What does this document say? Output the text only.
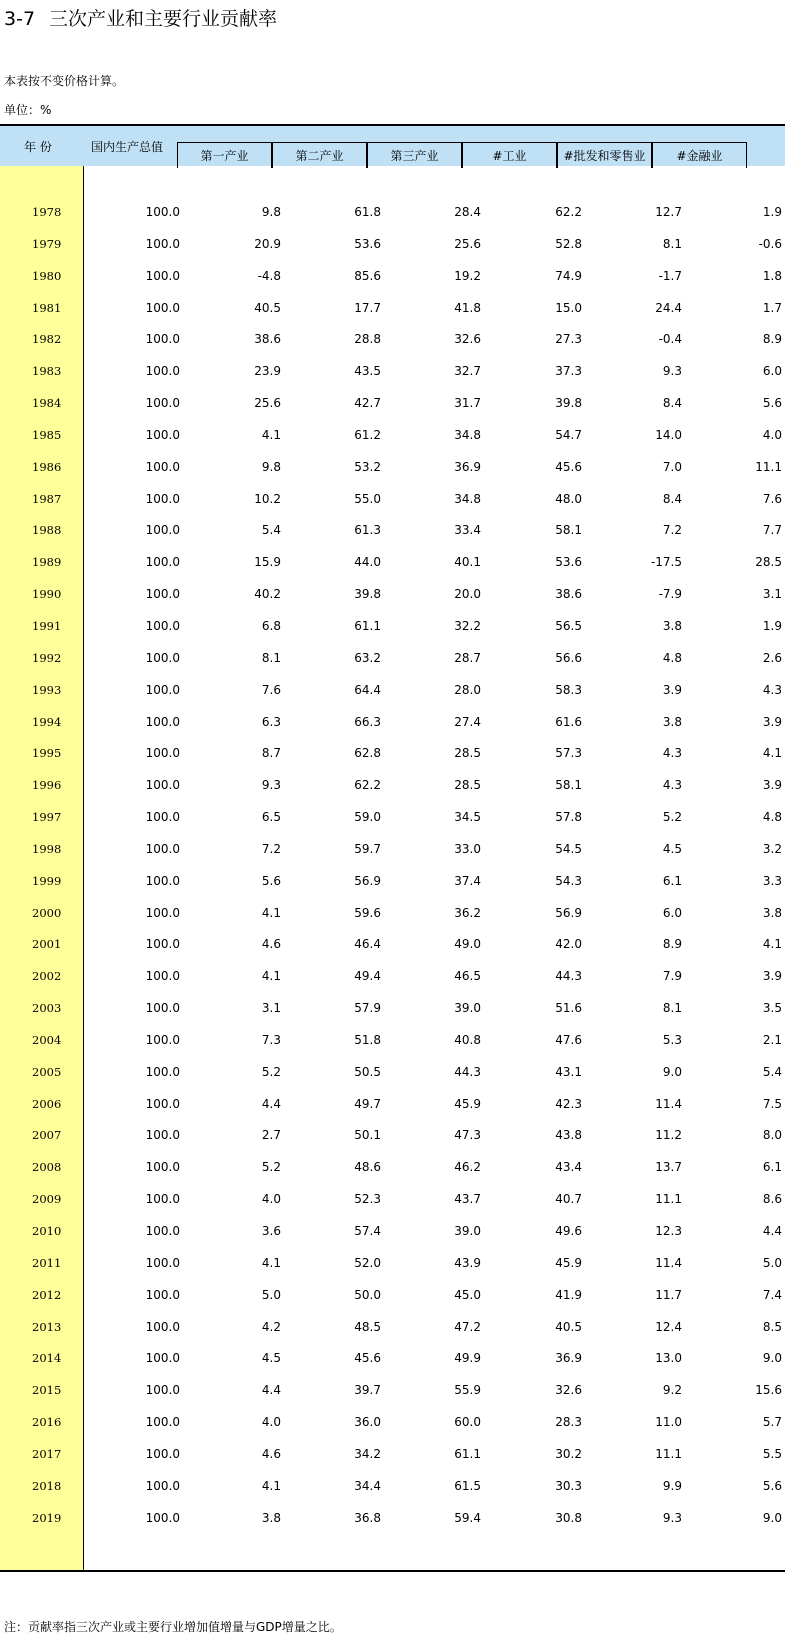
3-7 三次产业和主要行业贡献率
本表按不变价格计算。
单位：%
年 份	国内生产总值
第一产业	第二产业	第三产业	#工业	#批发和零售业	#金融业
1978	100.0	9.8	61.8	28.4	62.2	12.7	1.9
1979	100.0	20.9	53.6	25.6	52.8	8.1	-0.6
1980	100.0	-4.8	85.6	19.2	74.9	-1.7	1.8
1981	100.0	40.5	17.7	41.8	15.0	24.4	1.7
1982	100.0	38.6	28.8	32.6	27.3	-0.4	8.9
1983	100.0	23.9	43.5	32.7	37.3	9.3	6.0
1984	100.0	25.6	42.7	31.7	39.8	8.4	5.6
1985	100.0	4.1	61.2	34.8	54.7	14.0	4.0
1986	100.0	9.8	53.2	36.9	45.6	7.0	11.1
1987	100.0	10.2	55.0	34.8	48.0	8.4	7.6
1988	100.0	5.4	61.3	33.4	58.1	7.2	7.7
1989	100.0	15.9	44.0	40.1	53.6	-17.5	28.5
1990	100.0	40.2	39.8	20.0	38.6	-7.9	3.1
1991	100.0	6.8	61.1	32.2	56.5	3.8	1.9
1992	100.0	8.1	63.2	28.7	56.6	4.8	2.6
1993	100.0	7.6	64.4	28.0	58.3	3.9	4.3
1994	100.0	6.3	66.3	27.4	61.6	3.8	3.9
1995	100.0	8.7	62.8	28.5	57.3	4.3	4.1
1996	100.0	9.3	62.2	28.5	58.1	4.3	3.9
1997	100.0	6.5	59.0	34.5	57.8	5.2	4.8
1998	100.0	7.2	59.7	33.0	54.5	4.5	3.2
1999	100.0	5.6	56.9	37.4	54.3	6.1	3.3
2000	100.0	4.1	59.6	36.2	56.9	6.0	3.8
2001	100.0	4.6	46.4	49.0	42.0	8.9	4.1
2002	100.0	4.1	49.4	46.5	44.3	7.9	3.9
2003	100.0	3.1	57.9	39.0	51.6	8.1	3.5
2004	100.0	7.3	51.8	40.8	47.6	5.3	2.1
2005	100.0	5.2	50.5	44.3	43.1	9.0	5.4
2006	100.0	4.4	49.7	45.9	42.3	11.4	7.5
2007	100.0	2.7	50.1	47.3	43.8	11.2	8.0
2008	100.0	5.2	48.6	46.2	43.4	13.7	6.1
2009	100.0	4.0	52.3	43.7	40.7	11.1	8.6
2010	100.0	3.6	57.4	39.0	49.6	12.3	4.4
2011	100.0	4.1	52.0	43.9	45.9	11.4	5.0
2012	100.0	5.0	50.0	45.0	41.9	11.7	7.4
2013	100.0	4.2	48.5	47.2	40.5	12.4	8.5
2014	100.0	4.5	45.6	49.9	36.9	13.0	9.0
2015	100.0	4.4	39.7	55.9	32.6	9.2	15.6
2016	100.0	4.0	36.0	60.0	28.3	11.0	5.7
2017	100.0	4.6	34.2	61.1	30.2	11.1	5.5
2018	100.0	4.1	34.4	61.5	30.3	9.9	5.6
2019	100.0	3.8	36.8	59.4	30.8	9.3	9.0
注：贡献率指三次产业或主要行业增加值增量与GDP增量之比。
